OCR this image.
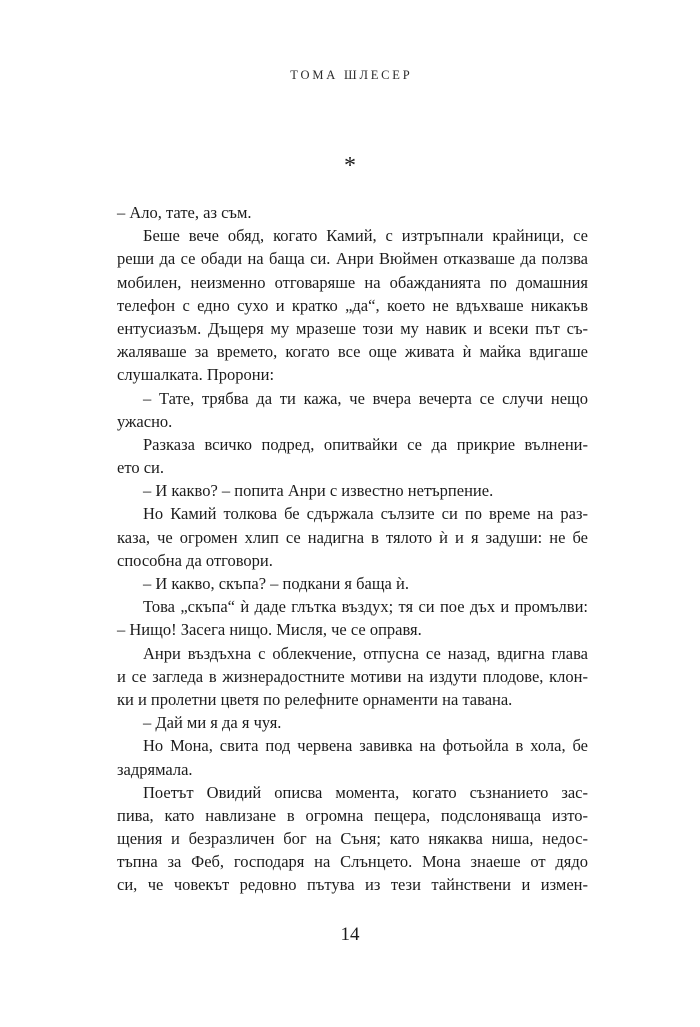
ТОМА ШЛЕСЕР
*
– Ало, тате, аз съм.
Беше вече обяд, когато Камий, с изтръпнали крайници, се
реши да се обади на баща си. Анри Вюймен отказваше да ползва
мобилен, неизменно отговаряше на обажданията по домашния
телефон с едно сухо и кратко „да“, което не вдъхваше никакъв
ентусиазъм. Дъщеря му мразеше този му навик и всеки път съ-
жаляваше за времето, когато все още живата ѝ майка вдигаше
слушалката. Пророни:
– Тате, трябва да ти кажа, че вчера вечерта се случи нещо
ужасно.
Разказа всичко подред, опитвайки се да прикрие вълнени-
ето си.
– И какво? – попита Анри с известно нетърпение.
Но Камий толкова бе сдържала сълзите си по време на раз-
каза, че огромен хлип се надигна в тялото ѝ и я задуши: не бе
способна да отговори.
– И какво, скъпа? – подкани я баща ѝ.
Това „скъпа“ ѝ даде глътка въздух; тя си пое дъх и промълви:
– Нищо! Засега нищо. Мисля, че се оправя.
Анри въздъхна с облекчение, отпусна се назад, вдигна глава
и се загледа в жизнерадостните мотиви на издути плодове, клон-
ки и пролетни цветя по релефните орнаменти на тавана.
– Дай ми я да я чуя.
Но Мона, свита под червена завивка на фотьойла в хола, бе
задрямала.
Поетът Овидий описва момента, когато съзнанието зас-
пива, като навлизане в огромна пещера, подслоняваща изто-
щения и безразличен бог на Съня; като някаква ниша, недос-
тъпна за Феб, господаря на Слънцето. Мона знаеше от дядо
си, че човекът редовно пътува из тези тайнствени и измен-
14
